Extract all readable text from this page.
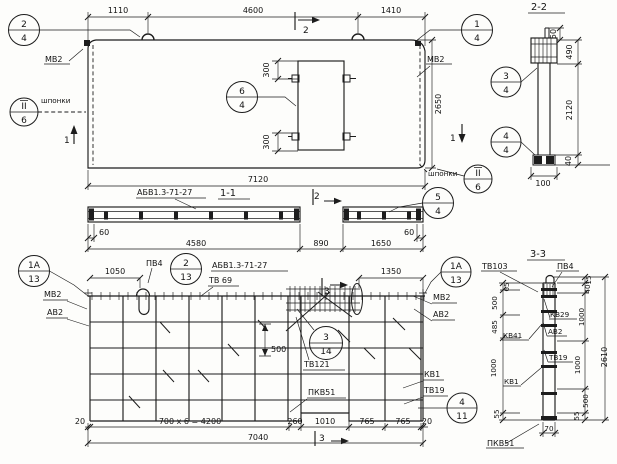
1110	4600	1410
2650
7120
300
300
2
4
1
4
II
6
шпонки
II
6
шпонки
6
4
МВ2	МВ2
1	1
2
2
АБВ1.3-71-27	1-1
60	60
4580	890	1650
5
4
2-2
50
490
2120
40
100
3
4
4
4
1А
13
1050
ПВ4 2
13
АБВ1.3-71-27
ТВ 69
МВ2
АВ2
1350	1А
13
МВ2
АВ2
3
3
14
500
ТВ121
ПКВ51
КВ1
ТВ19
4
11
20	700 x 6 = 4200	260 1010	765	765 20
7040	3
3-3
ТВ103	ПВ4
65
500
485
1000
55
15
40
1000
1000
500
55
2610
70
КВ29
АВ2
КВ41
ТВ19
КВ1
ПКВ51
